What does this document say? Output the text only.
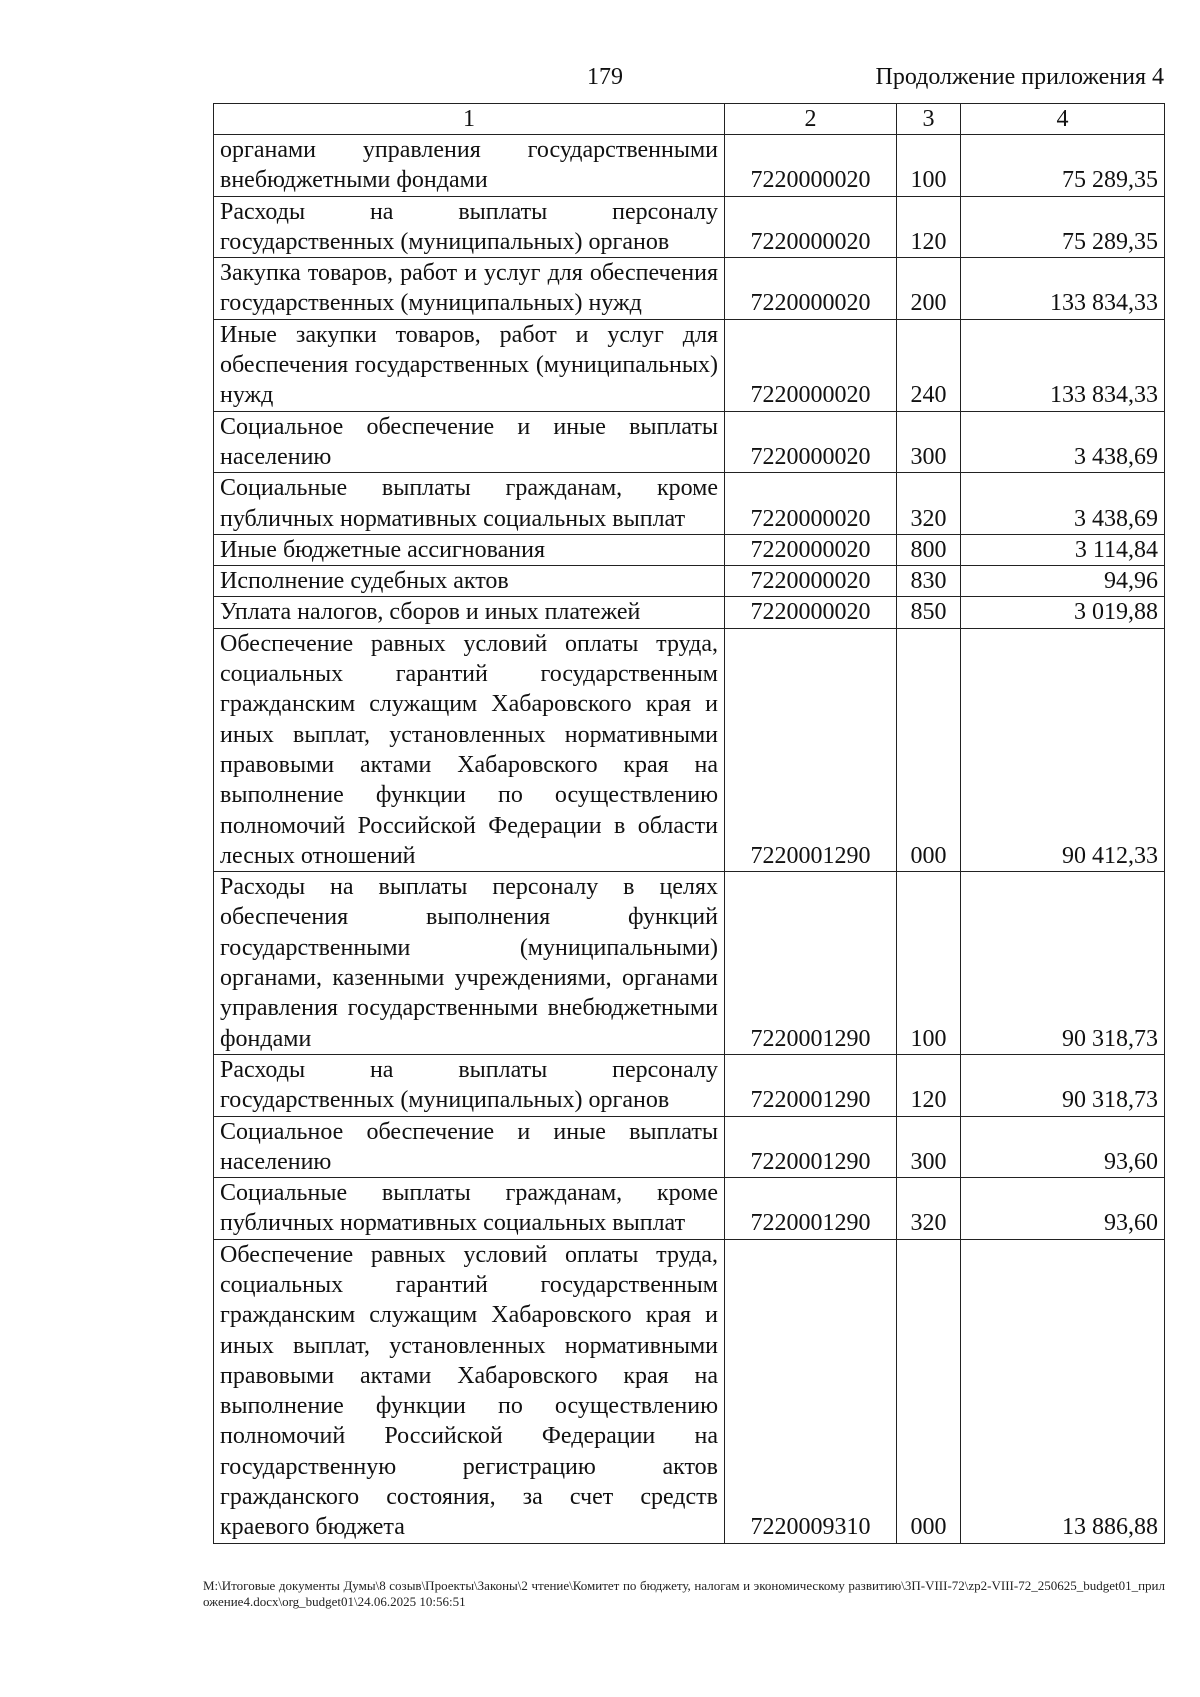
179	Продолжение приложения 4
1	2	3	4
органами управления государственными внебюджетными фондами	7220000020	100	75 289,35
Расходы на выплаты персоналу государственных (муниципальных) органов	7220000020	120	75 289,35
Закупка товаров, работ и услуг для обеспечения государственных (муниципальных) нужд	7220000020	200	133 834,33
Иные закупки товаров, работ и услуг для обеспечения государственных (муниципальных) нужд	7220000020	240	133 834,33
Социальное обеспечение и иные выплаты населению	7220000020	300	3 438,69
Социальные выплаты гражданам, кроме публичных нормативных социальных выплат	7220000020	320	3 438,69
Иные бюджетные ассигнования	7220000020	800	3 114,84
Исполнение судебных актов	7220000020	830	94,96
Уплата налогов, сборов и иных платежей	7220000020	850	3 019,88
Обеспечение равных условий оплаты труда, социальных гарантий государственным гражданским служащим Хабаровского края и иных выплат, установленных нормативными правовыми актами Хабаровского края на выполнение функции по осуществлению полномочий Российской Федерации в области лесных отношений	7220001290	000	90 412,33
Расходы на выплаты персоналу в целях обеспечения выполнения функций государственными (муниципальными) органами, казенными учреждениями, органами управления государственными внебюджетными фондами	7220001290	100	90 318,73
Расходы на выплаты персоналу государственных (муниципальных) органов	7220001290	120	90 318,73
Социальное обеспечение и иные выплаты населению	7220001290	300	93,60
Социальные выплаты гражданам, кроме публичных нормативных социальных выплат	7220001290	320	93,60
Обеспечение равных условий оплаты труда, социальных гарантий государственным гражданским служащим Хабаровского края и иных выплат, установленных нормативными правовыми актами Хабаровского края на выполнение функции по осуществлению полномочий Российской Федерации на государственную регистрацию актов гражданского состояния, за счет средств краевого бюджета	7220009310	000	13 886,88
M:\Итоговые документы Думы\8 созыв\Проекты\Законы\2 чтение\Комитет по бюджету, налогам и экономическому развитию\3П-VIII-72\zp2-VIII-72_250625_budget01_приложение4.docx\org_budget01\24.06.2025 10:56:51
